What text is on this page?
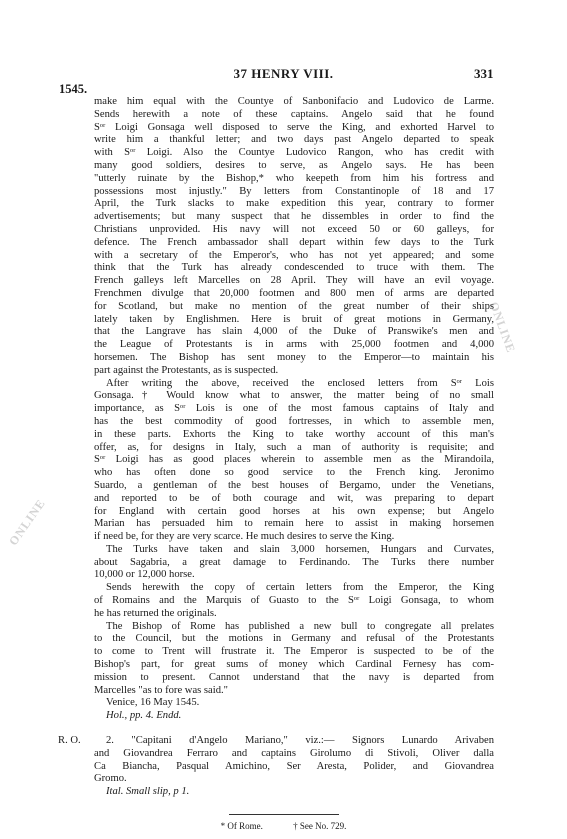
37 HENRY VIII.	331
1545.
ONLINE
ONLINE
make him equal with the Countye of Sanbonifacio and Ludovico de Larme.
Sends herewith a note of these captains. Angelo said that he found
Sᵒʳ Loigi Gonsaga well disposed to serve the King, and exhorted Harvel to
write him a thankful letter; and two days past Angelo departed to speak
with Sᵒʳ Loigi. Also the Countye Ludovico Rangon, who has credit with
many good soldiers, desires to serve, as Angelo says. He has been
"utterly ruinate by the Bishop,* who keepeth from him his fortress and
possessions most injustly." By letters from Constantinople of 18 and 17
April, the Turk slacks to make expedition this year, contrary to former
advertisements; but many suspect that he dissembles in order to find the
Christians unprovided. His navy will not exceed 50 or 60 galleys, for
defence. The French ambassador shall depart within few days to the Turk
with a secretary of the Emperor's, who has not yet appeared; and some
think that the Turk has already condescended to truce with them. The
French galleys left Marcelles on 28 April. They will have an evil voyage.
Frenchmen divulge that 20,000 footmen and 800 men of arms are departed
for Scotland, but make no mention of the great number of their ships
lately taken by Englishmen. Here is bruit of great motions in Germany,
that the Langrave has slain 4,000 of the Duke of Pranswike's men and
the League of Protestants is in arms with 25,000 footmen and 4,000
horsemen. The Bishop has sent money to the Emperor—to maintain his
part against the Protestants, as is suspected.
After writing the above, received the enclosed letters from Sᵒʳ Lois
Gonsaga.† Would know what to answer, the matter being of no small
importance, as Sᵒʳ Lois is one of the most famous captains of Italy and
has the best commodity of good fortresses, in which to assemble men,
in these parts. Exhorts the King to take worthy account of this man's
offer, as, for designs in Italy, such a man of authority is requisite; and
Sᵒʳ Loigi has as good places wherein to assemble men as the Mirandoila,
who has often done so good service to the French king. Jeronimo
Suardo, a gentleman of the best houses of Bergamo, under the Venetians,
and reported to be of both courage and wit, was preparing to depart
for England with certain good horses at his own expense; but Angelo
Marian has persuaded him to remain here to assist in making horsemen
if need be, for they are very scarce. He much desires to serve the King.
The Turks have taken and slain 3,000 horsemen, Hungars and Curvates,
about Sagabria, a great damage to Ferdinando. The Turks there number
10,000 or 12,000 horse.
Sends herewith the copy of certain letters from the Emperor, the King
of Romains and the Marquis of Guasto to the Sᵒʳ Loigi Gonsaga, to whom
he has returned the originals.
The Bishop of Rome has published a new bull to congregate all prelates
to the Council, but the motions in Germany and refusal of the Protestants
to come to Trent will frustrate it. The Emperor is suspected to be of the
Bishop's part, for great sums of money which Cardinal Fernesy has com-
mission to present. Cannot understand that the navy is departed from
Marcelles "as to fore was said."
Venice, 16 May 1545.
Hol., pp. 4. Endd.
2. "Capitani d'Angelo Mariano," viz.:— Signors Lunardo Arivaben
and Giovandrea Ferraro and captains Girolumo di Stivoli, Oliver dalla
Ca Biancha, Pasqual Amichino, Ser Aresta, Polider, and Giovandrea
Gromo.
Ital. Small slip, p 1.
R. O.
* Of Rome.	† See No. 729.
